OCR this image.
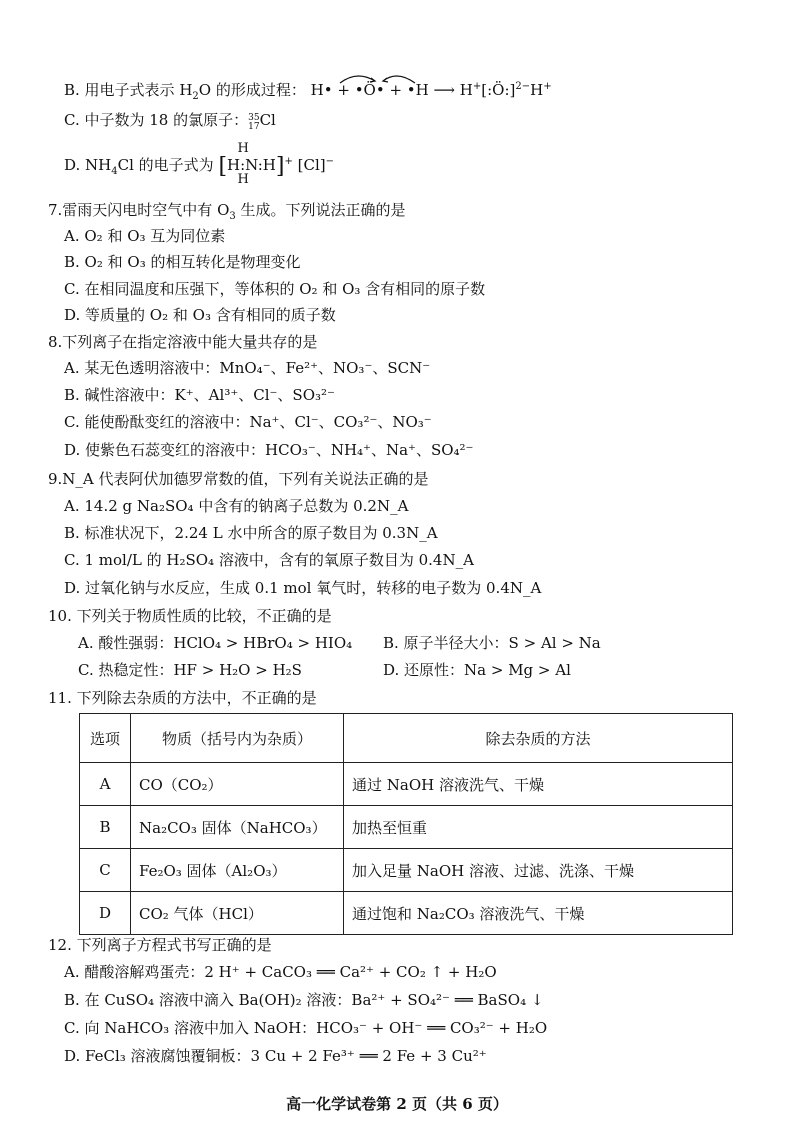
B. 用电子式表示 $H_2O$ 的形成过程： H• + •Ö• + •H ⟶ H+[:Ö:]$^{2-}$H+
C. 中子数为 18 的氯原子：35
17Cl
D. $NH_4Cl$ 的电子式为 [
H
H:N:H
H
]+ [Cl]−
7.雷雨天闪电时空气中有 $O_3$ 生成。下列说法正确的是
A. O₂ 和 O₃ 互为同位素
B. O₂ 和 O₃ 的相互转化是物理变化
C. 在相同温度和压强下，等体积的 O₂ 和 O₃ 含有相同的原子数
D. 等质量的 O₂ 和 O₃ 含有相同的质子数
8.下列离子在指定溶液中能大量共存的是
A. 某无色透明溶液中：MnO₄⁻、Fe²⁺、NO₃⁻、SCN⁻
B. 碱性溶液中：K⁺、Al³⁺、Cl⁻、SO₃²⁻
C. 能使酚酞变红的溶液中：Na⁺、Cl⁻、CO₃²⁻、NO₃⁻
D. 使紫色石蕊变红的溶液中：HCO₃⁻、NH₄⁺、Na⁺、SO₄²⁻
9.N_A 代表阿伏加德罗常数的值，下列有关说法正确的是
A. 14.2 g Na₂SO₄ 中含有的钠离子总数为 0.2N_A
B. 标准状况下，2.24 L 水中所含的原子数目为 0.3N_A
C. 1 mol/L 的 H₂SO₄ 溶液中，含有的氧原子数目为 0.4N_A
D. 过氧化钠与水反应，生成 0.1 mol 氧气时，转移的电子数为 0.4N_A
10. 下列关于物质性质的比较，不正确的是
A. 酸性强弱：HClO₄ > HBrO₄ > HIO₄ B. 原子半径大小：S > Al > Na
C. 热稳定性：HF > H₂O > H₂S	D. 还原性：Na > Mg > Al
11. 下列除去杂质的方法中，不正确的是
选项	物质（括号内为杂质）	除去杂质的方法
A	CO（CO₂）	通过 NaOH 溶液洗气、干燥
B	Na₂CO₃ 固体（NaHCO₃）	加热至恒重
C	Fe₂O₃ 固体（Al₂O₃）	加入足量 NaOH 溶液、过滤、洗涤、干燥
D	CO₂ 气体（HCl）	通过饱和 Na₂CO₃ 溶液洗气、干燥
12. 下列离子方程式书写正确的是
A. 醋酸溶解鸡蛋壳：2 H⁺ + CaCO₃ ══ Ca²⁺ + CO₂ ↑ + H₂O
B. 在 CuSO₄ 溶液中滴入 Ba(OH)₂ 溶液：Ba²⁺ + SO₄²⁻ ══ BaSO₄ ↓
C. 向 NaHCO₃ 溶液中加入 NaOH：HCO₃⁻ + OH⁻ ══ CO₃²⁻ + H₂O
D. FeCl₃ 溶液腐蚀覆铜板：3 Cu + 2 Fe³⁺ ══ 2 Fe + 3 Cu²⁺
高一化学试卷第 2 页（共 6 页）
